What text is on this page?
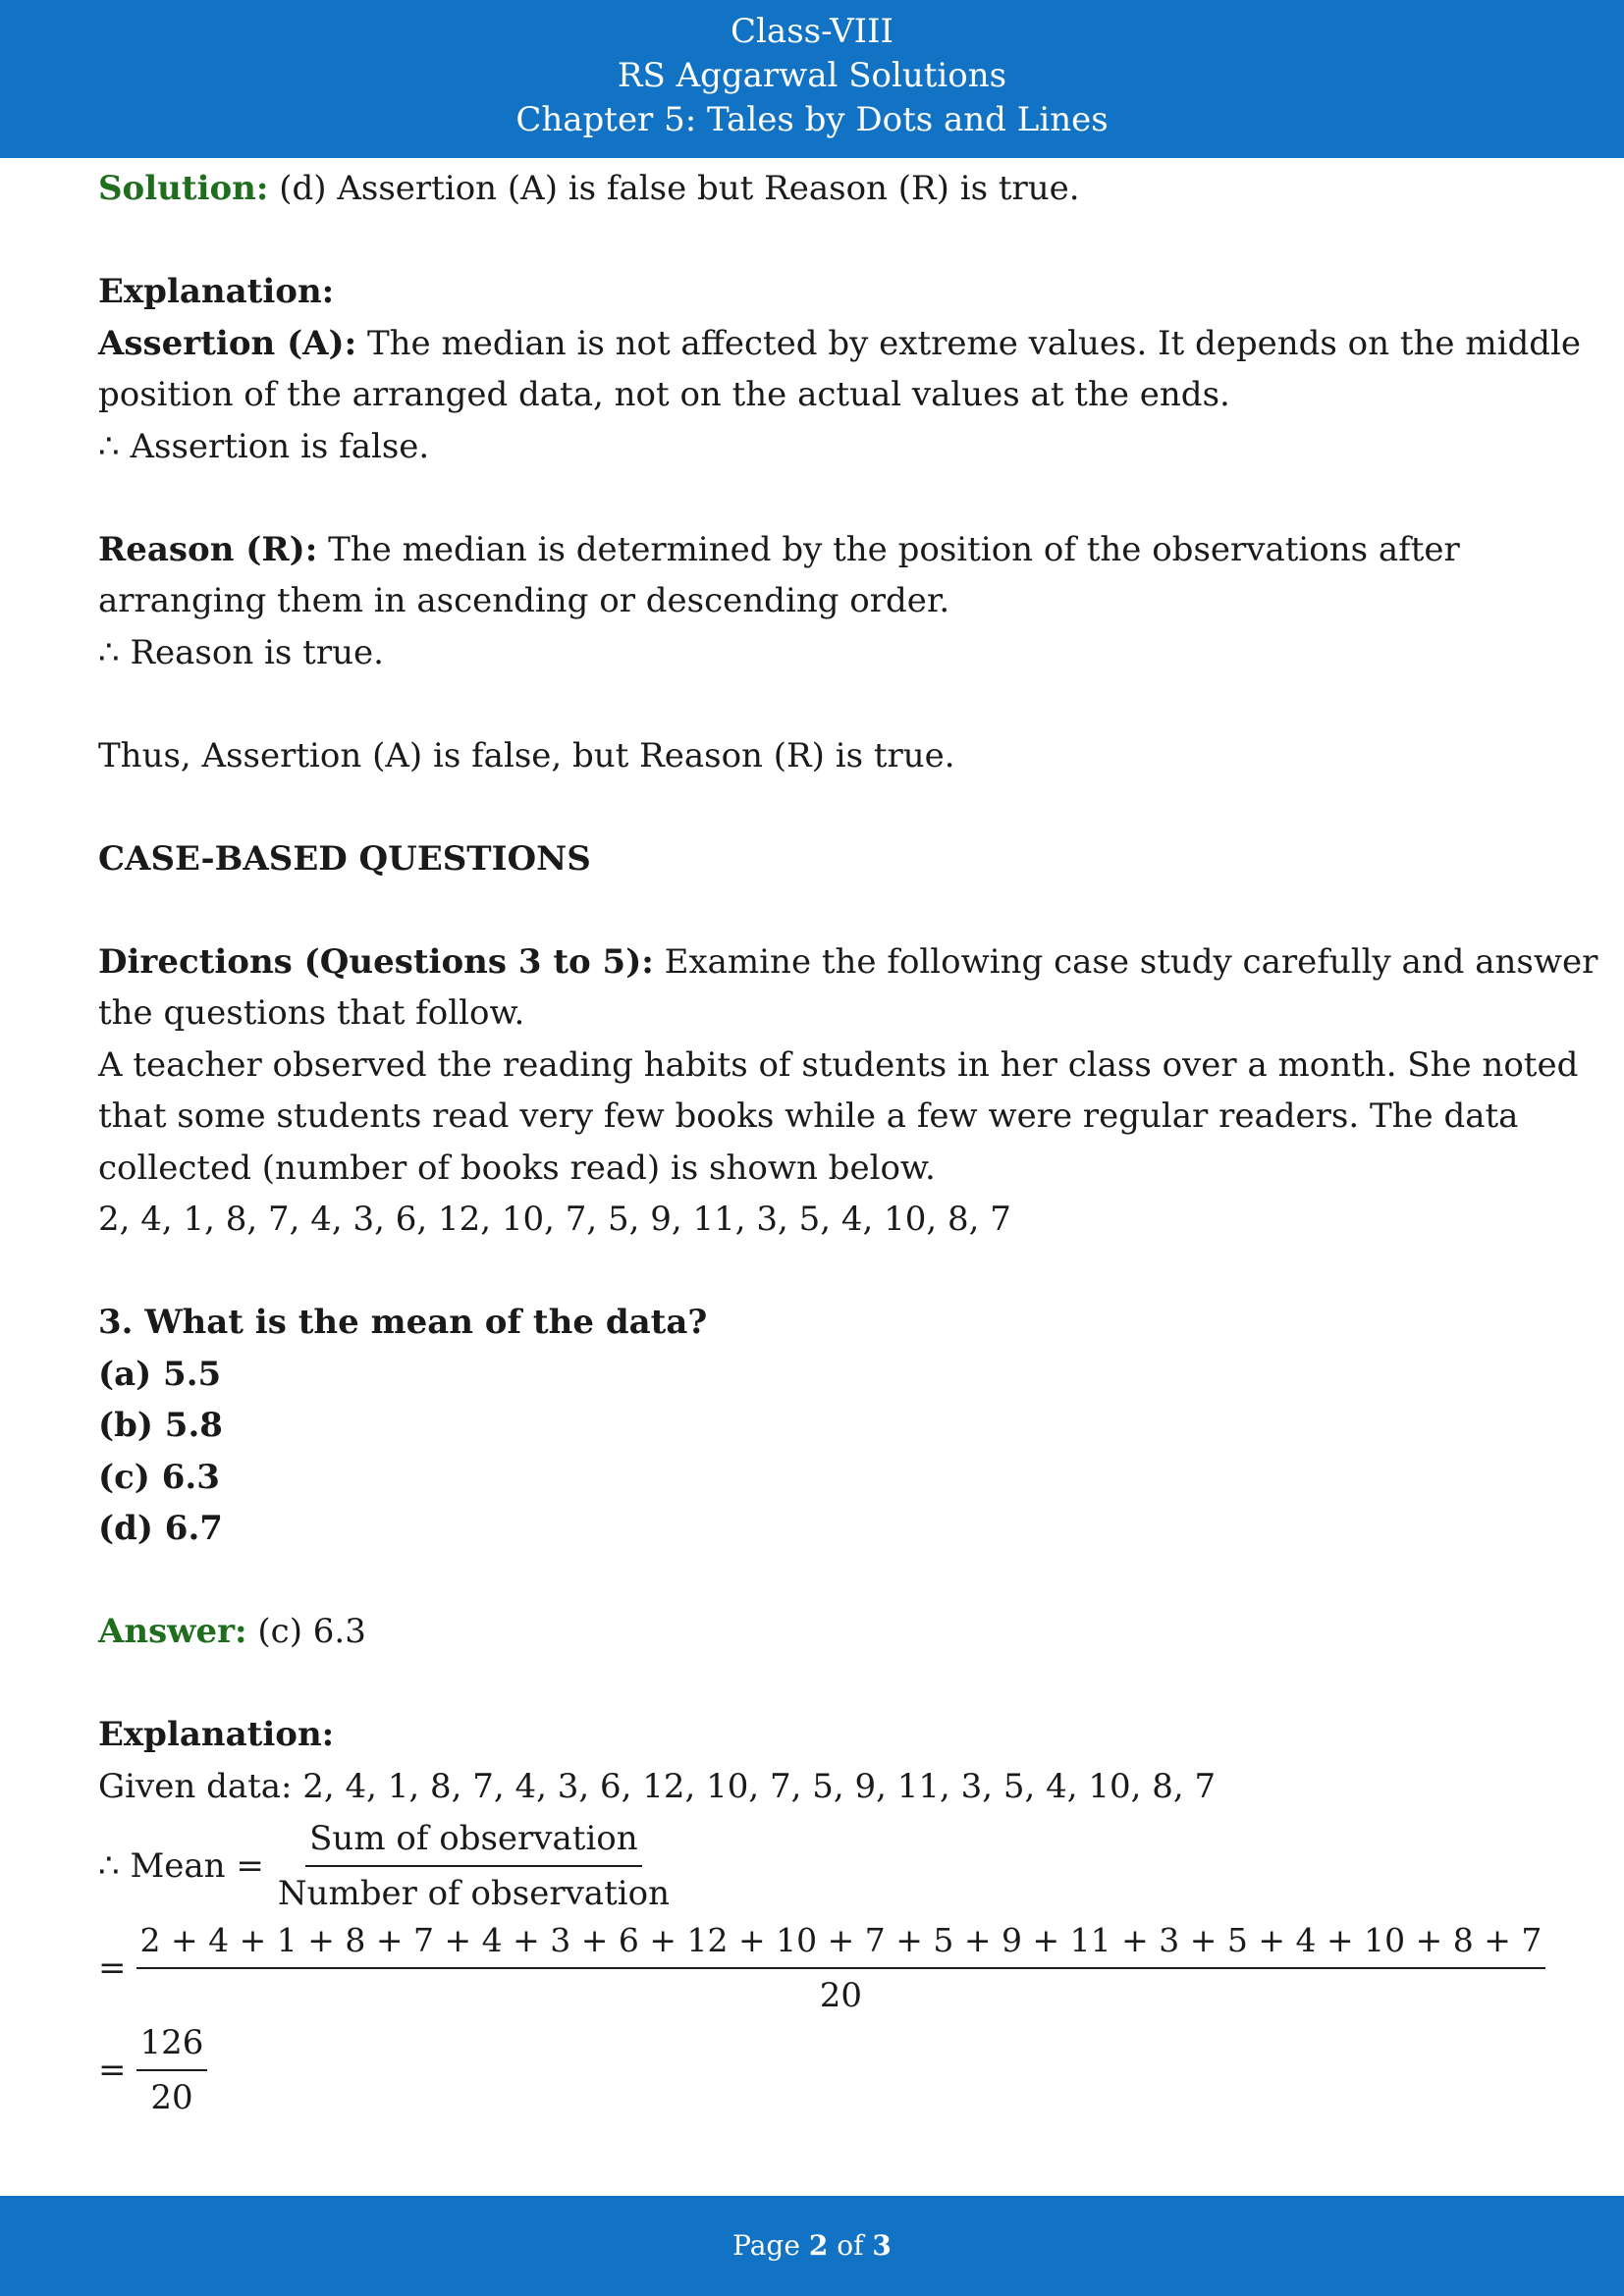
Class-VIII
RS Aggarwal Solutions
Chapter 5: Tales by Dots and Lines
Solution: (d) Assertion (A) is false but Reason (R) is true.
Explanation:
Assertion (A): The median is not affected by extreme values. It depends on the middle
position of the arranged data, not on the actual values at the ends.
∴ Assertion is false.
Reason (R): The median is determined by the position of the observations after
arranging them in ascending or descending order.
∴ Reason is true.
Thus, Assertion (A) is false, but Reason (R) is true.
CASE-BASED QUESTIONS
Directions (Questions 3 to 5): Examine the following case study carefully and answer
the questions that follow.
A teacher observed the reading habits of students in her class over a month. She noted
that some students read very few books while a few were regular readers. The data
collected (number of books read) is shown below.
2, 4, 1, 8, 7, 4, 3, 6, 12, 10, 7, 5, 9, 11, 3, 5, 4, 10, 8, 7
3. What is the mean of the data?
(a) 5.5
(b) 5.8
(c) 6.3
(d) 6.7
Answer: (c) 6.3
Explanation:
Given data: 2, 4, 1, 8, 7, 4, 3, 6, 12, 10, 7, 5, 9, 11, 3, 5, 4, 10, 8, 7
∴ Mean = $\frac{\text{Sum of observation}}{\text{Number of observation}}$
=
2 + 4 + 1 + 8 + 7 + 4 + 3 + 6 + 12 + 10 + 7 + 5 + 9 + 11 + 3 + 5 + 4 + 10 + 8 + 7
20
= $\frac{126}{20}$
Page 2 of 3
